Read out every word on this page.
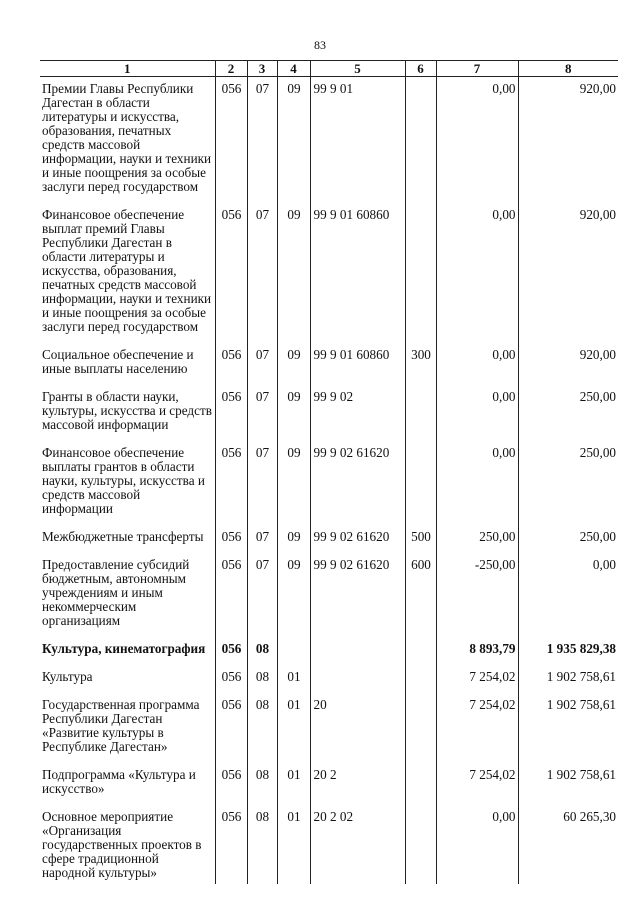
83
1	2	3	4	5	6	7	8
Премии Главы Республики Дагестан в области литературы и искусства, образования, печатных средств массовой информации, науки и техники и иные поощрения за особые заслуги перед государством	056	07	09	99 9 01		0,00	920,00
Финансовое обеспечение выплат премий Главы Республики Дагестан в области литературы и искусства, образования, печатных средств массовой информации, науки и техники и иные поощрения за особые заслуги перед государством	056	07	09	99 9 01 60860		0,00	920,00
Социальное обеспечение и иные выплаты населению	056	07	09	99 9 01 60860	300	0,00	920,00
Гранты в области науки, культуры, искусства и средств массовой информации	056	07	09	99 9 02		0,00	250,00
Финансовое обеспечение выплаты грантов в области науки, культуры, искусства и средств массовой информации	056	07	09	99 9 02 61620		0,00	250,00
Межбюджетные трансферты	056	07	09	99 9 02 61620	500	250,00	250,00
Предоставление субсидий бюджетным, автономным учреждениям и иным некоммерческим организациям	056	07	09	99 9 02 61620	600	-250,00	0,00
Культура, кинематография	056	08				8 893,79	1 935 829,38
Культура	056	08	01			7 254,02	1 902 758,61
Государственная программа Республики Дагестан «Развитие культуры в Республике Дагестан»	056	08	01	20		7 254,02	1 902 758,61
Подпрограмма «Культура и искусство»	056	08	01	20 2		7 254,02	1 902 758,61
Основное мероприятие «Организация государственных проектов в сфере традиционной народной культуры»	056	08	01	20 2 02		0,00	60 265,30
